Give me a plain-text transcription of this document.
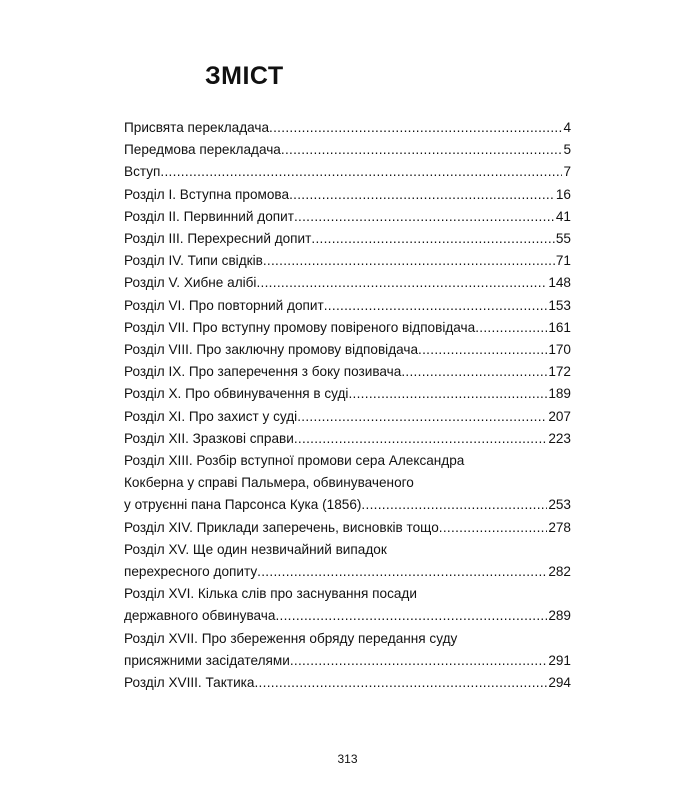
ЗМІСТ
Присвята перекладача .....	4
Передмова перекладача .....	5
Вступ .....	7
Розділ I. Вступна промова .....	16
Розділ II. Первинний допит .....	41
Розділ III. Перехресний допит .....	55
Розділ IV. Типи свідків .....	71
Розділ V. Хибне алібі .....	148
Розділ VI. Про повторний допит .....	153
Розділ VII. Про вступну промову повіреного відповідача .....	161
Розділ VIII. Про заключну промову відповідача .....	170
Розділ IX. Про заперечення з боку позивача .....	172
Розділ X. Про обвинувачення в суді .....	189
Розділ XI. Про захист у суді .....	207
Розділ XII. Зразкові справи .....	223
Розділ XIII. Розбір вступної промови сера Александра
Кокберна у справі Пальмера, обвинуваченого
у отруєнні пана Парсонса Кука (1856) .....	253
Розділ XIV. Приклади заперечень, висновків тощо .....	278
Розділ XV. Ще один незвичайний випадок
перехресного допиту .....	282
Розділ XVI. Кілька слів про заснування посади
державного обвинувача .....	289
Розділ XVII. Про збереження обряду передання суду
присяжними засідателями .....	291
Розділ XVIII. Тактика .....	294
313
